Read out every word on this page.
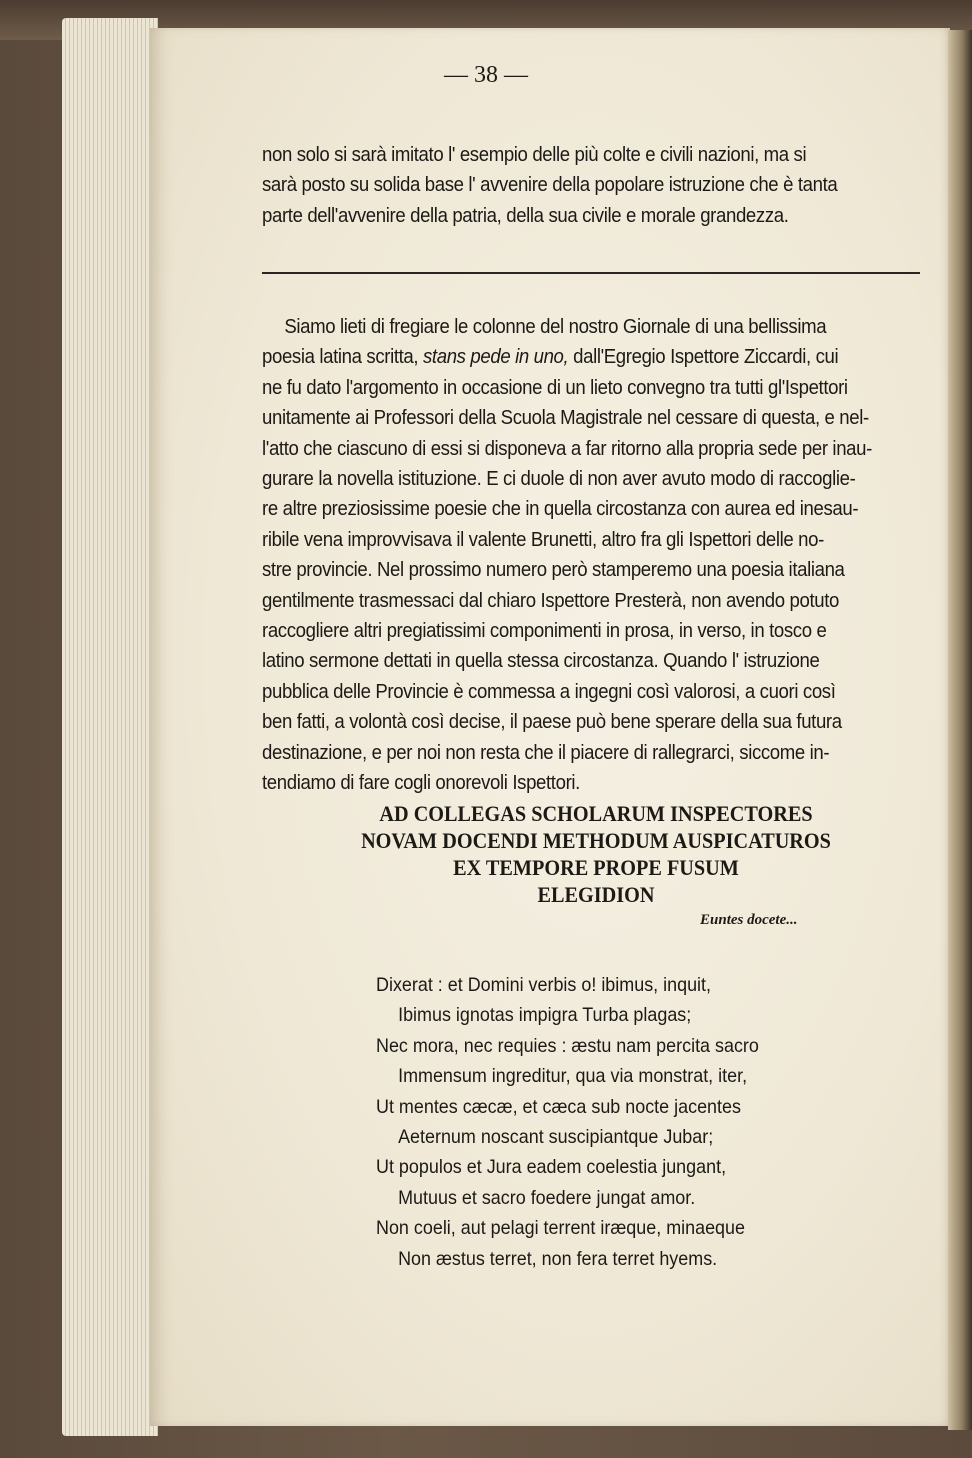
— 38 —
non solo si sarà imitato l' esempio delle più colte e civili nazioni, ma si
sarà posto su solida base l' avvenire della popolare istruzione che è tanta
parte dell'avvenire della patria, della sua civile e morale grandezza.
Siamo lieti di fregiare le colonne del nostro Giornale di una bellissima
poesia latina scritta, stans pede in uno, dall'Egregio Ispettore Ziccardi, cui
ne fu dato l'argomento in occasione di un lieto convegno tra tutti gl'Ispettori
unitamente ai Professori della Scuola Magistrale nel cessare di questa, e nel-
l'atto che ciascuno di essi si disponeva a far ritorno alla propria sede per inau-
gurare la novella istituzione. E ci duole di non aver avuto modo di raccoglie-
re altre preziosissime poesie che in quella circostanza con aurea ed inesau-
ribile vena improvvisava il valente Brunetti, altro fra gli Ispettori delle no-
stre provincie. Nel prossimo numero però stamperemo una poesia italiana
gentilmente trasmessaci dal chiaro Ispettore Presterà, non avendo potuto
raccogliere altri pregiatissimi componimenti in prosa, in verso, in tosco e
latino sermone dettati in quella stessa circostanza. Quando l' istruzione
pubblica delle Provincie è commessa a ingegni così valorosi, a cuori così
ben fatti, a volontà così decise, il paese può bene sperare della sua futura
destinazione, e per noi non resta che il piacere di rallegrarci, siccome in-
tendiamo di fare cogli onorevoli Ispettori.
AD COLLEGAS SCHOLARUM INSPECTORES
NOVAM DOCENDI METHODUM AUSPICATUROS
EX TEMPORE PROPE FUSUM
ELEGIDION
Euntes docete...
Dixerat : et Domini verbis o! ibimus, inquit,
Ibimus ignotas impigra Turba plagas;
Nec mora, nec requies : æstu nam percita sacro
Immensum ingreditur, qua via monstrat, iter,
Ut mentes cæcæ, et cæca sub nocte jacentes
Aeternum noscant suscipiantque Jubar;
Ut populos et Jura eadem coelestia jungant,
Mutuus et sacro foedere jungat amor.
Non coeli, aut pelagi terrent iræque, minaeque
Non æstus terret, non fera terret hyems.
